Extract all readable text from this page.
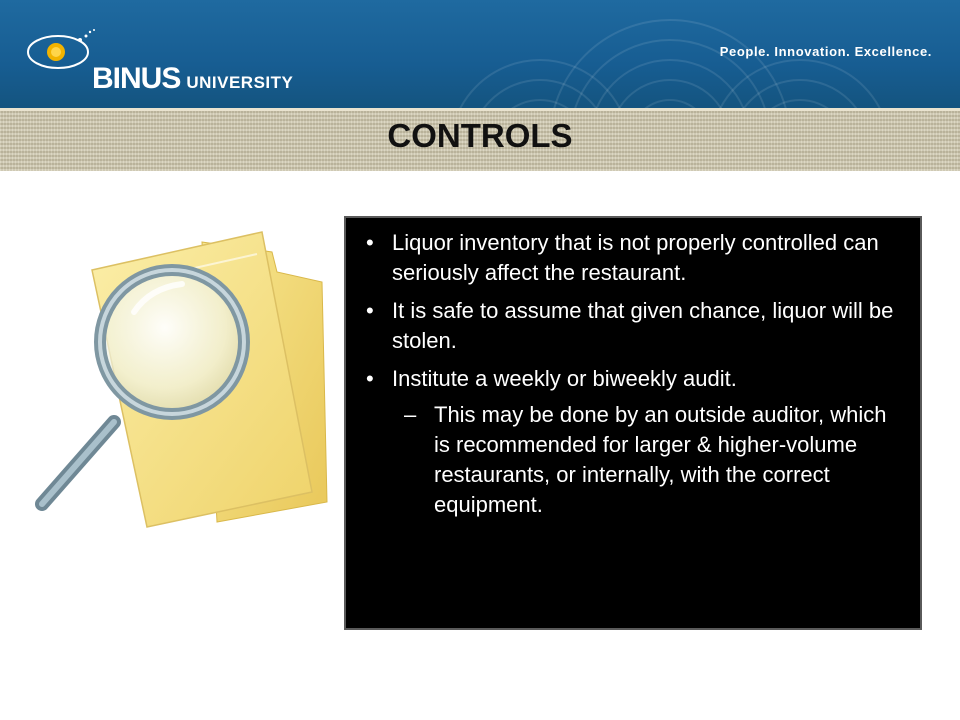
BINUS UNIVERSITY
People. Innovation. Excellence.
CONTROLS
• Liquor inventory that is not properly controlled can seriously affect the restaurant.
• It is safe to assume that given chance, liquor will be stolen.
• Institute a weekly or biweekly audit.
– This may be done by an outside auditor, which is recommended for larger & higher-volume restaurants, or internally, with the correct equipment.
